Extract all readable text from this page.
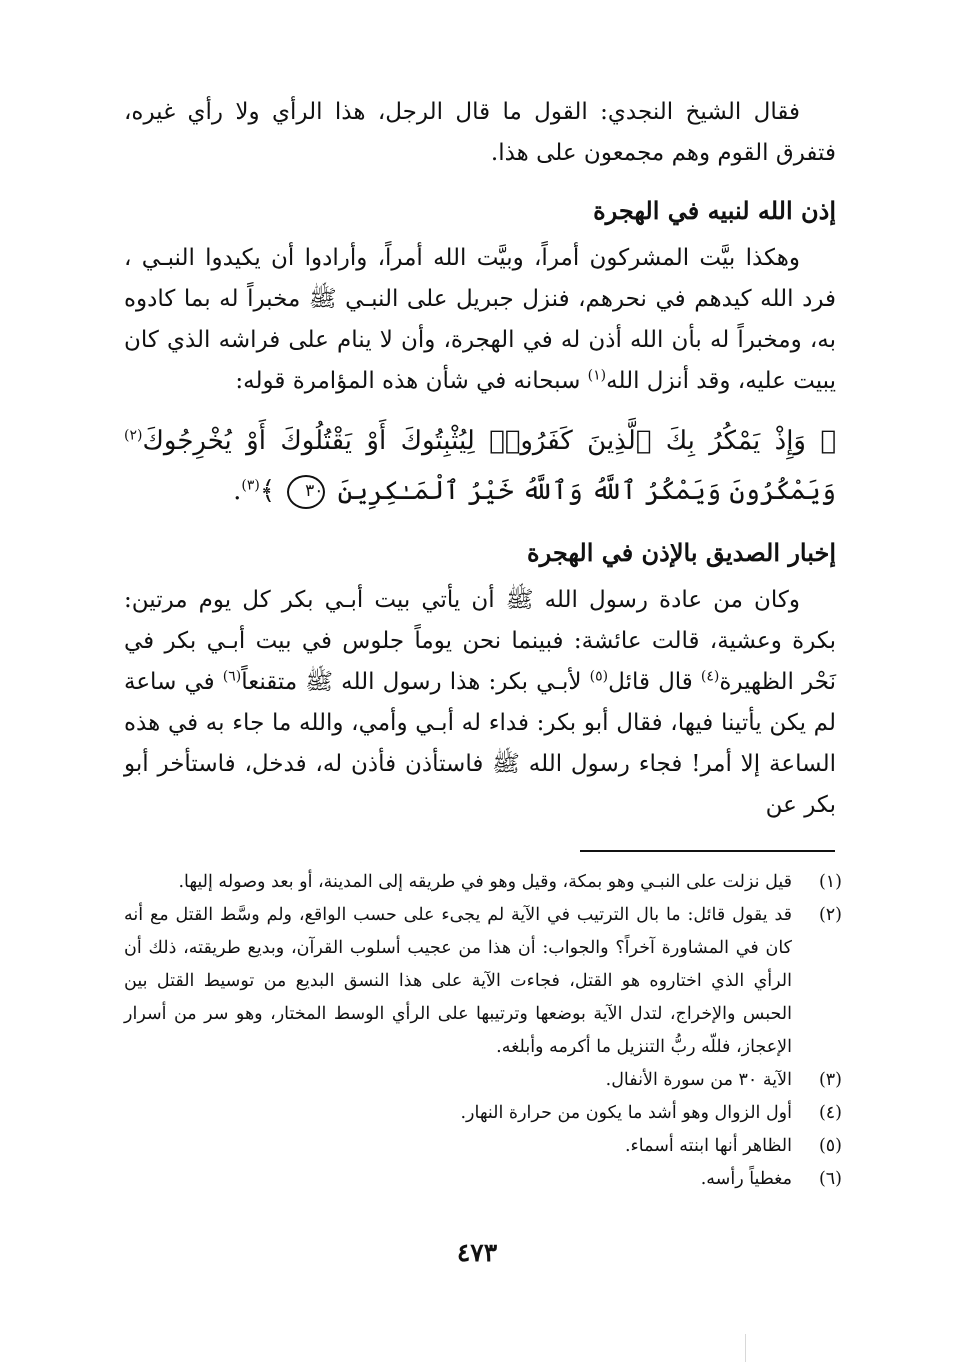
فقال الشيخ النجدي: القول ما قال الرجل، هذا الرأي ولا رأي غيره، فتفرق القوم وهم مجمعون على هذا.

إذن الله لنبيه في الهجرة

وهكذا بيَّت المشركون أمراً، وبيَّت الله أمراً، وأرادوا أن يكيدوا النبـي ، فرد الله كيدهم في نحرهم، فنزل جبريل على النبـي ﷺ مخبراً له بما كادوه به، ومخبراً له بأن الله أذن له في الهجرة، وأن لا ينام على فراشه الذي كان يبيت عليه، وقد أنزل الله$^{(١)}$ سبحانه في شأن هذه المؤامرة قوله:

﴿ وَإِذْ يَمْكُرُ بِكَ ٱلَّذِينَ كَفَرُوا۟ لِيُثْبِتُوكَ أَوْ يَقْتُلُوكَ أَوْ يُخْرِجُوكَ$^{(٢)}$ وَيَمْكُرُونَ وَيَمْكُرُ ٱللَّهُ وَٱللَّهُ خَيْرُ ٱلْمَـٰكِرِينَ ٣٠ ﴾$^{(٣)}$.

إخبار الصديق بالإذن في الهجرة

وكان من عادة رسول الله ﷺ أن يأتي بيت أبـي بكر كل يوم مرتين: بكرة وعشية، قالت عائشة: فبينما نحن يوماً جلوس في بيت أبـي بكر في نَحْر الظهيرة$^{(٤)}$ قال قائل$^{(٥)}$ لأبـي بكر: هذا رسول الله ﷺ متقنعاً$^{(٦)}$ في ساعة لم يكن يأتينا فيها، فقال أبو بكر: فداء له أبـي وأمي، والله ما جاء به في هذه الساعة إلا أمر! فجاء رسول الله ﷺ فاستأذن فأذن له، فدخل، فاستأخر أبو بكر عن

(١)
قيل نزلت على النبـي وهو بمكة، وقيل وهو في طريقه إلى المدينة، أو بعد وصوله إليها.
(٢)
قد يقول قائل: ما بال الترتيب في الآية لم يجىء على حسب الواقع، ولم وسَّط القتل مع أنه كان في المشاورة آخراً؟ والجواب: أن هذا من عجيب أسلوب القرآن، وبديع طريقته، ذلك أن الرأي الذي اختاروه هو القتل، فجاءت الآية على هذا النسق البديع من توسيط القتل بين الحبس والإخراج، لتدل الآية بوضعها وترتيبها على الرأي الوسط المختار، وهو سر من أسرار الإعجاز، فللّه ربُّ التنزيل ما أكرمه وأبلغه.
(٣)
الآية ٣٠ من سورة الأنفال.
(٤)
أول الزوال وهو أشد ما يكون من حرارة النهار.
(٥)
الظاهر أنها ابنته أسماء.
(٦)
مغطياً رأسه.
٤٧٣
